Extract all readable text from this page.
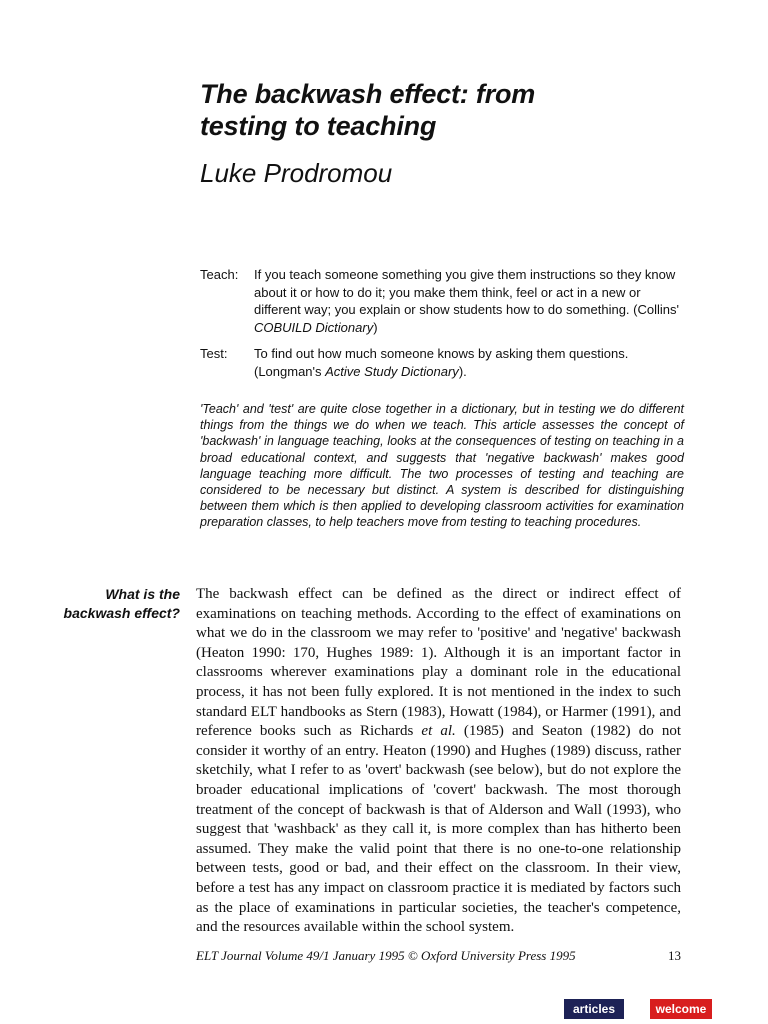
The backwash effect: from
testing to teaching
Luke Prodromou
Teach:	If you teach someone something you give them instructions so they know about it or how to do it; you make them think, feel or act in a new or different way; you explain or show students how to do something. (Collins' COBUILD Dictionary)
Test:	To find out how much someone knows by asking them questions. (Longman's Active Study Dictionary).

'Teach' and 'test' are quite close together in a dictionary, but in testing we do different things from the things we do when we teach. This article assesses the concept of 'backwash' in language teaching, looks at the consequences of testing on teaching in a broad educational context, and suggests that 'negative backwash' makes good language teaching more difficult. The two processes of testing and teaching are considered to be necessary but distinct. A system is described for distinguishing between them which is then applied to developing classroom activities for examination preparation classes, to help teachers move from testing to teaching procedures.

What is the
backwash effect?

The backwash effect can be defined as the direct or indirect effect of examinations on teaching methods. According to the effect of examinations on what we do in the classroom we may refer to 'positive' and 'negative' backwash (Heaton 1990: 170, Hughes 1989: 1). Although it is an important factor in classrooms wherever examinations play a dominant role in the educational process, it has not been fully explored. It is not mentioned in the index to such standard ELT handbooks as Stern (1983), Howatt (1984), or Harmer (1991), and reference books such as Richards et al. (1985) and Seaton (1982) do not consider it worthy of an entry. Heaton (1990) and Hughes (1989) discuss, rather sketchily, what I refer to as 'overt' backwash (see below), but do not explore the broader educational implications of 'covert' backwash. The most thorough treatment of the concept of backwash is that of Alderson and Wall (1993), who suggest that 'washback' as they call it, is more complex than has hitherto been assumed. They make the valid point that there is no one-to-one relationship between tests, good or bad, and their effect on the classroom. In their view, before a test has any impact on classroom practice it is mediated by factors such as the place of examinations in particular societies, the teacher's competence, and the resources available within the school system.

ELT Journal Volume 49/1 January 1995 © Oxford University Press 1995	13
articles	welcome
